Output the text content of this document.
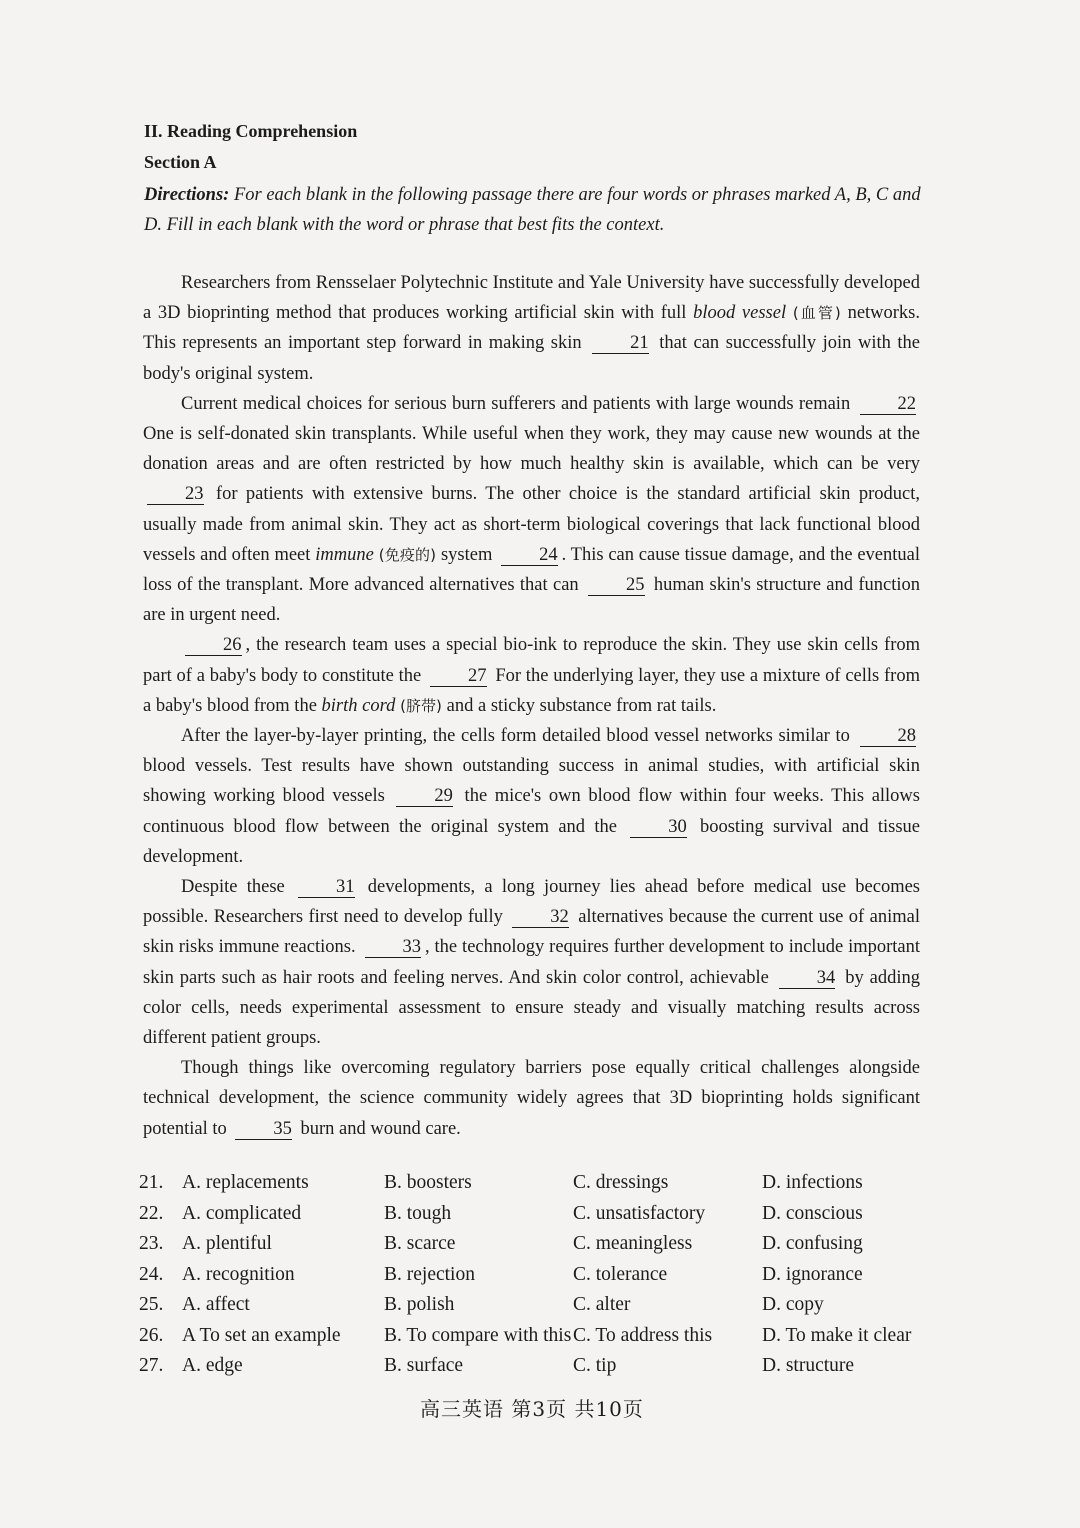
II. Reading Comprehension
Section A
Directions: For each blank in the following passage there are four words or phrases marked A, B, C and D. Fill in each blank with the word or phrase that best fits the context.

Researchers from Rensselaer Polytechnic Institute and Yale University have successfully developed a 3D bioprinting method that produces working artificial skin with full blood vessel (血管) networks. This represents an important step forward in making skin 21 that can successfully join with the body's original system.

Current medical choices for serious burn sufferers and patients with large wounds remain 22 One is self-donated skin transplants. While useful when they work, they may cause new wounds at the donation areas and are often restricted by how much healthy skin is available, which can be very 23 for patients with extensive burns. The other choice is the standard artificial skin product, usually made from animal skin. They act as short-term biological coverings that lack functional blood vessels and often meet immune (免疫的) system 24 . This can cause tissue damage, and the eventual loss of the transplant. More advanced alternatives that can 25 human skin's structure and function are in urgent need.

26 , the research team uses a special bio-ink to reproduce the skin. They use skin cells from part of a baby's body to constitute the 27 For the underlying layer, they use a mixture of cells from a baby's blood from the birth cord (脐带) and a sticky substance from rat tails.

After the layer-by-layer printing, the cells form detailed blood vessel networks similar to 28 blood vessels. Test results have shown outstanding success in animal studies, with artificial skin showing working blood vessels 29 the mice's own blood flow within four weeks. This allows continuous blood flow between the original system and the 30 boosting survival and tissue development.

Despite these 31 developments, a long journey lies ahead before medical use becomes possible. Researchers first need to develop fully 32 alternatives because the current use of animal skin risks immune reactions. 33 , the technology requires further development to include important skin parts such as hair roots and feeling nerves. And skin color control, achievable 34 by adding color cells, needs experimental assessment to ensure steady and visually matching results across different patient groups.

Though things like overcoming regulatory barriers pose equally critical challenges alongside technical development, the science community widely agrees that 3D bioprinting holds significant potential to 35 burn and wound care.

21. A. replacements	B. boosters	C. dressings	D. infections
22. A. complicated	B. tough	C. unsatisfactory	D. conscious
23. A. plentiful	B. scarce	C. meaningless	D. confusing
24. A. recognition	B. rejection	C. tolerance	D. ignorance
25. A. affect	B. polish	C. alter	D. copy
26. A To set an example B. To compare with this C. To address this	D. To make it clear
27. A. edge	B. surface	C. tip	D. structure
高三英语 第3页 共10页
